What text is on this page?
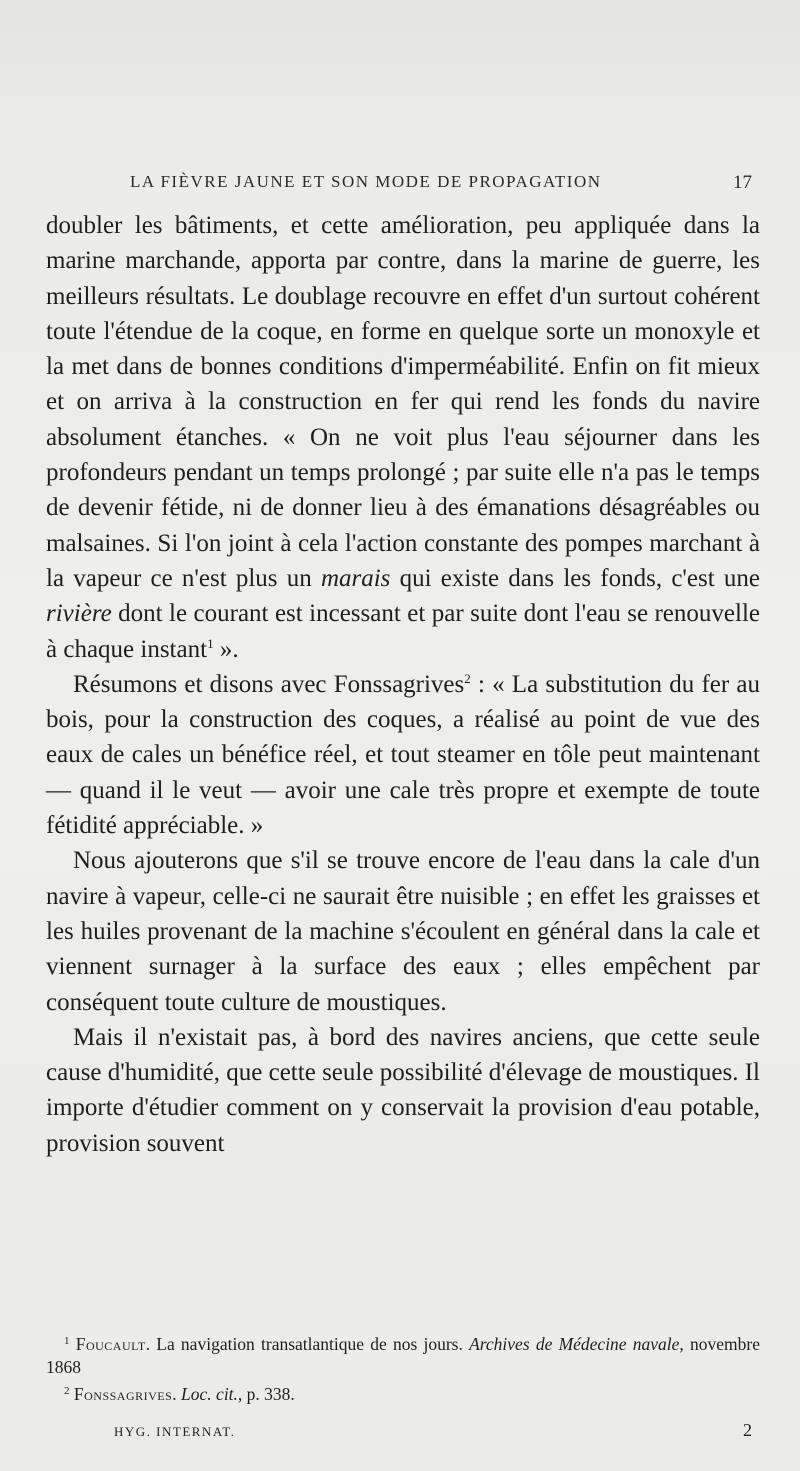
LA FIÈVRE JAUNE ET SON MODE DE PROPAGATION	17

doubler les bâtiments, et cette amélioration, peu appliquée dans la marine marchande, apporta par contre, dans la marine de guerre, les meilleurs résultats. Le doublage recouvre en effet d'un surtout cohérent toute l'étendue de la coque, en forme en quelque sorte un monoxyle et la met dans de bonnes conditions d'imperméabilité. Enfin on fit mieux et on arriva à la construction en fer qui rend les fonds du navire absolument étanches. « On ne voit plus l'eau séjourner dans les profondeurs pendant un temps prolongé ; par suite elle n'a pas le temps de devenir fétide, ni de donner lieu à des émanations désagréables ou malsaines. Si l'on joint à cela l'action constante des pompes marchant à la vapeur ce n'est plus un marais qui existe dans les fonds, c'est une rivière dont le courant est incessant et par suite dont l'eau se renouvelle à chaque instant$^1$ ».

Résumons et disons avec Fonssagrives$^2$ : « La substitution du fer au bois, pour la construction des coques, a réalisé au point de vue des eaux de cales un bénéfice réel, et tout steamer en tôle peut maintenant — quand il le veut — avoir une cale très propre et exempte de toute fétidité appréciable. »

Nous ajouterons que s'il se trouve encore de l'eau dans la cale d'un navire à vapeur, celle-ci ne saurait être nuisible ; en effet les graisses et les huiles provenant de la machine s'écoulent en général dans la cale et viennent surnager à la surface des eaux ; elles empêchent par conséquent toute culture de moustiques.

Mais il n'existait pas, à bord des navires anciens, que cette seule cause d'humidité, que cette seule possibilité d'élevage de moustiques. Il importe d'étudier comment on y conservait la provision d'eau potable, provision souvent

$^1$ Foucault. La navigation transatlantique de nos jours. Archives de Médecine navale, novembre 1868

$^2$ Fonssagrives. Loc. cit., p. 338.

HYG. INTERNAT.	2
